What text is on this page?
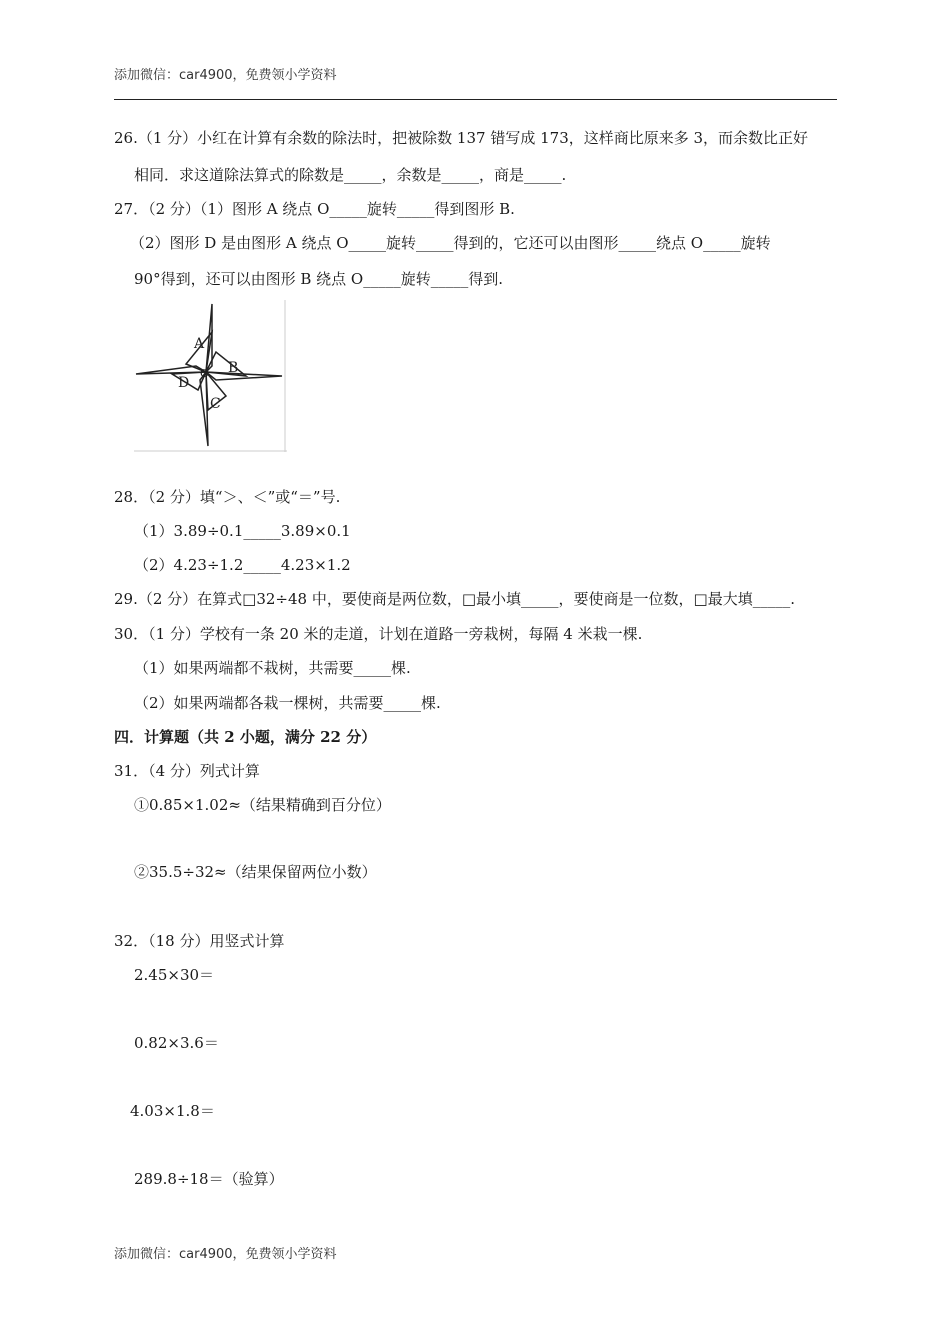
添加微信：car4900，免费领小学资料
26.（1 分）小红在计算有余数的除法时，把被除数 137 错写成 173，这样商比原来多 3，而余数比正好
相同．求这道除法算式的除数是_____，余数是_____，商是_____.
27．（2 分）（1）图形 A 绕点 O_____旋转_____得到图形 B.
（2）图形 D 是由图形 A 绕点 O_____旋转_____得到的，它还可以由图形_____绕点 O_____旋转
90°得到，还可以由图形 B 绕点 O_____旋转_____得到.
A
B
C
D
O
28．（2 分）填“＞、＜”或“＝”号.
（1）3.89÷0.1_____3.89×0.1
（2）4.23÷1.2_____4.23×1.2
29.（2 分）在算式□32÷48 中，要使商是两位数，□最小填_____，要使商是一位数，□最大填_____.
30．（1 分）学校有一条 20 米的走道，计划在道路一旁栽树，每隔 4 米栽一棵.
（1）如果两端都不栽树，共需要_____棵.
（2）如果两端都各栽一棵树，共需要_____棵.
四．计算题（共 2 小题，满分 22 分）
31．（4 分）列式计算
①0.85×1.02≈（结果精确到百分位）
②35.5÷32≈（结果保留两位小数）
32．（18 分）用竖式计算
2.45×30＝
0.82×3.6＝
4.03×1.8＝
289.8÷18＝（验算）
添加微信：car4900，免费领小学资料
